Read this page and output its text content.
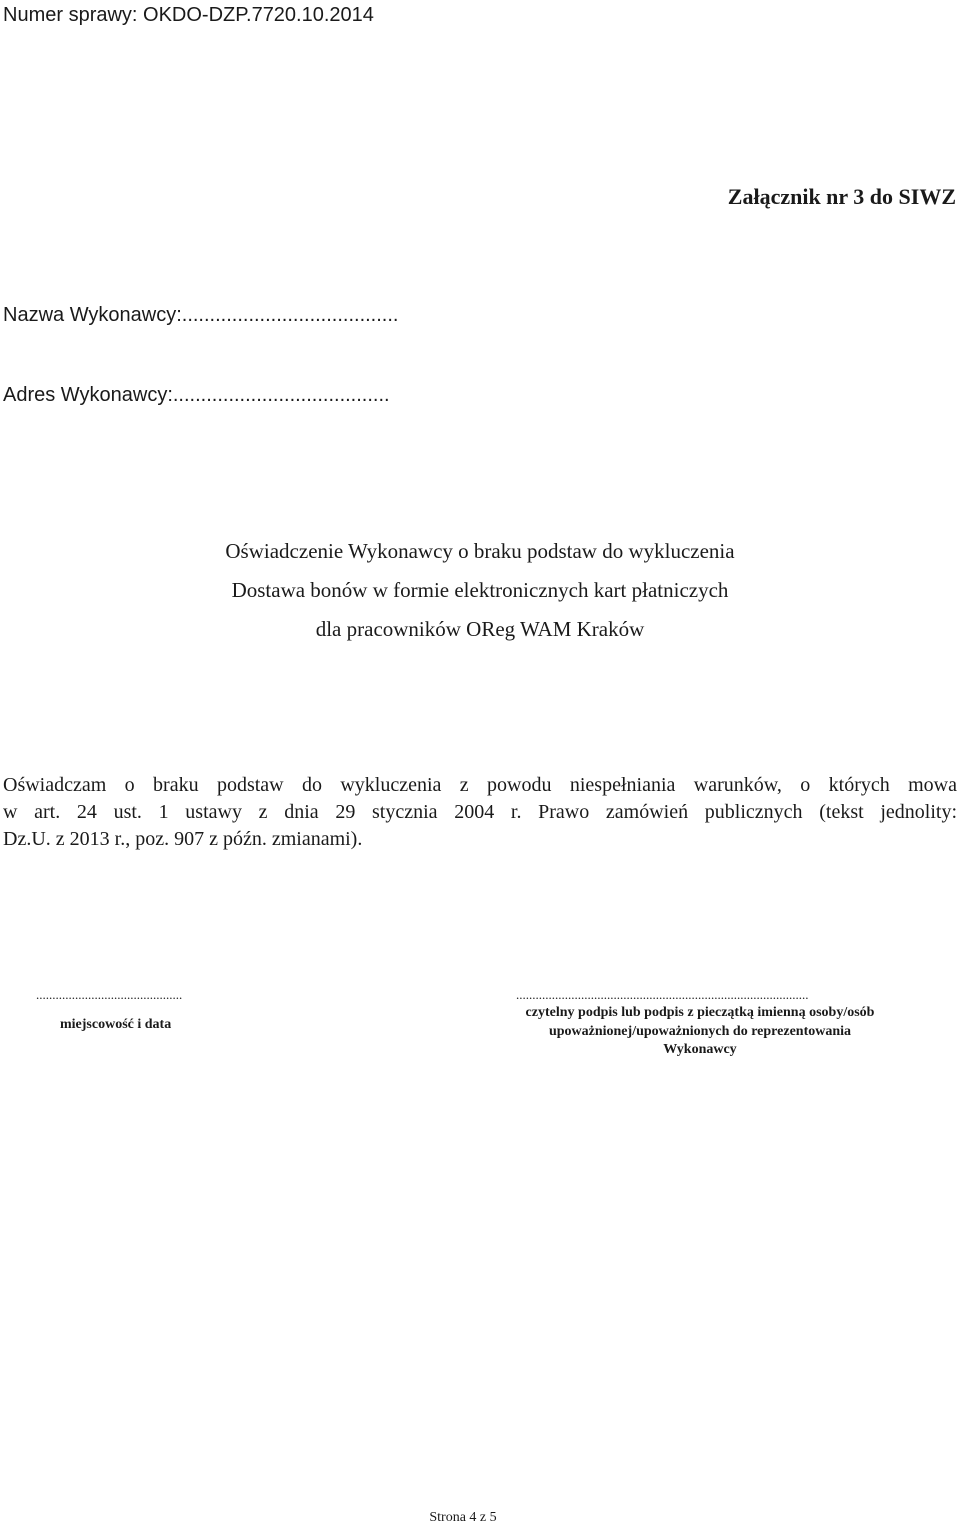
Numer sprawy: OKDO-DZP.7720.10.2014
Załącznik nr 3 do SIWZ
Nazwa Wykonawcy:.......................................
Adres Wykonawcy:.......................................
Oświadczenie Wykonawcy o braku podstaw do wykluczenia
Dostawa bonów w formie elektronicznych kart płatniczych
dla pracowników OReg WAM Kraków
Oświadczam o braku podstaw do wykluczenia z powodu niespełniania warunków, o których mowa
w art. 24 ust. 1 ustawy z dnia 29 stycznia 2004 r. Prawo zamówień publicznych (tekst jednolity:
Dz.U. z 2013 r., poz. 907 z późn. zmianami).
.............................................
miejscowość i data
..........................................................................................
czytelny podpis lub podpis z pieczątką imienną osoby/osób
upoważnionej/upoważnionych do reprezentowania
Wykonawcy
Strona 4 z 5
